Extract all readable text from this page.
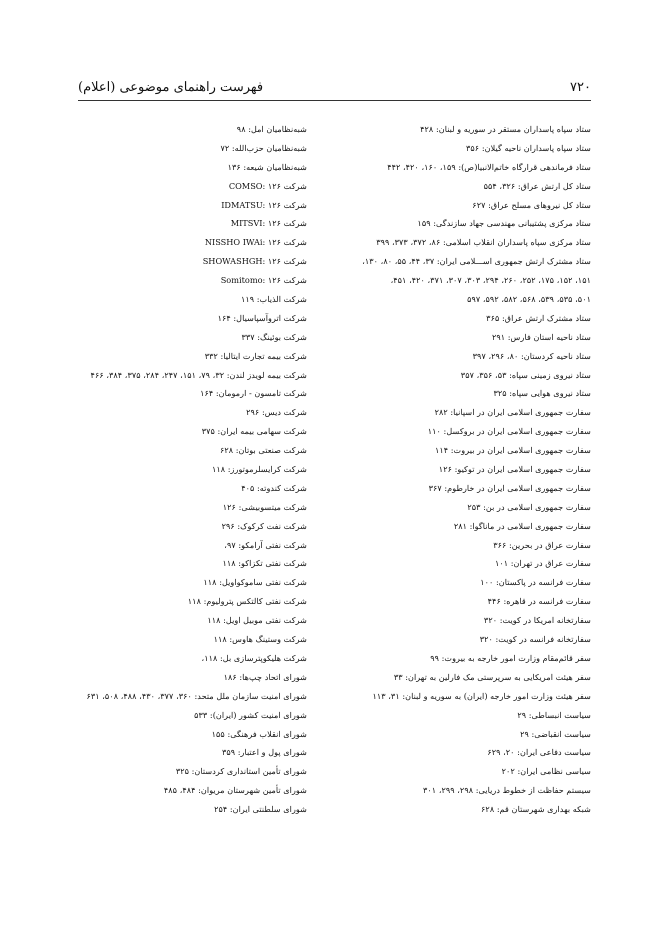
۷۲۰
فهرست راهنمای موضوعی (اعلام)
ستاد سپاه پاسداران مستقر در سوریه و لبنان: ۴۲۸
ستاد سپاه پاسداران ناحیه گیلان: ۳۵۶
ستاد فرماندهی قرارگاه خاتم‌الانبیا(ص): ۱۵۹، ۱۶۰، ۴۲۰، ۴۴۲
ستاد کل ارتش عراق: ۳۲۶، ۵۵۴
ستاد کل نیروهای مسلح عراق: ۶۲۷
ستاد مرکزی پشتیبانی مهندسی جهاد سازندگی: ۱۵۹
ستاد مرکزی سپاه پاسداران انقلاب اسلامی: ۸۶، ۳۷۲، ۳۷۳، ۳۹۹
ستاد مشترک ارتش جمهوری اســـلامی ایران: ۳۷، ۴۴، ۵۵، ۸۰، ۱۳۰،
۱۵۱، ۱۵۲، ۱۷۵، ۲۵۲، ۲۶۰، ۲۹۴، ۳۰۳، ۳۰۷، ۳۷۱، ۴۲۰، ۴۵۱،
۵۰۱، ۵۳۵، ۵۳۹، ۵۶۸، ۵۸۲، ۵۹۲، ۵۹۷
ستاد مشترک ارتش عراق: ۳۶۵
ستاد ناحیه استان فارس: ۲۹۱
ستاد ناحیه کردستان: ۸۰، ۲۹۶، ۳۹۷
ستاد نیروی زمینی سپاه: ۵۳، ۳۵۶، ۳۵۷
ستاد نیروی هوایی سپاه: ۳۲۵
سفارت جمهوری اسلامی ایران در اسپانیا: ۲۸۲
سفارت جمهوری اسلامی ایران در بروکسل: ۱۱۰
سفارت جمهوری اسلامی ایران در بیروت: ۱۱۴
سفارت جمهوری اسلامی ایران در توکیو: ۱۲۶
سفارت جمهوری اسلامی ایران در خارطوم: ۳۶۷
سفارت جمهوری اسلامی در بن: ۲۵۳
سفارت جمهوری اسلامی در ماناگوا: ۲۸۱
سفارت عراق در بحرین: ۳۶۶
سفارت عراق در تهران: ۱۰۱
سفارت فرانسه در پاکستان: ۱۰۰
سفارت فرانسه در قاهره: ۴۴۶
سفارتخانه امریکا در کویت: ۳۲۰
سفارتخانه فرانسه در کویت: ۳۲۰
سفر قائم‌مقام وزارت امور خارجه به بیروت: ۹۹
سفر هیئت امریکایی به سرپرستی مک فارلین به تهران: ۳۳
سفر هیئت وزارت امور خارجه (ایران) به سوریه و لبنان: ۳۱، ۱۱۳
سیاست انبساطی: ۲۹
سیاست انقباضی: ۲۹
سیاست دفاعی ایران: ۲۰، ۶۲۹
سیاسی نظامی ایران: ۲۰۲
سیستم حفاظت از خطوط دریایی: ۲۹۸، ۲۹۹، ۳۰۱
شبکه بهداری شهرستان قم: ۶۲۸
شبه‌نظامیان امل: ۹۸
شبه‌نظامیان حزب‌الله: ۷۲
شبه‌نظامیان شیعه: ۱۳۶
شرکت COMSO: ۱۲۶
شرکت IDMATSU: ۱۲۶
شرکت MITSVI: ۱۲۶
شرکت NISSHO IWAi: ۱۲۶
شرکت SHOWASHGH: ۱۲۶
شرکت Somitomo: ۱۲۶
شرکت الذیاب: ۱۱۹
شرکت اتروآسپاسیال: ۱۶۴
شرکت بوئینگ: ۳۳۷
شرکت بیمه تجارت ایتالیا: ۳۳۲
شرکت بیمه لویدز لندن: ۳۲، ۷۹، ۱۵۱، ۲۴۷، ۲۸۴، ۳۷۵، ۳۸۴، ۴۶۶
شرکت تامسون - ارمومان: ۱۶۴
شرکت دیس: ۲۹۶
شرکت سهامی بیمه ایران: ۳۷۵
شرکت صنعتی بوتان: ۶۲۸
شرکت کرایسلرموتورز: ۱۱۸
شرکت کندوته: ۴۰۵
شرکت میتسوبیشی: ۱۲۶
شرکت نفت کرکوک: ۲۹۶
شرکت نفتی آرامکو: ۹۷،
شرکت نفتی تکزاکو: ۱۱۸
شرکت نفتی ساموکواویل: ۱۱۸
شرکت نفتی کالتکس پترولیوم: ۱۱۸
شرکت نفتی موبیل اویل: ۱۱۸
شرکت وستینگ هاوس: ۱۱۸
شرکت هلیکوپترسازی بل: ۱۱۸،
شورای اتحاد چپ‌ها: ۱۸۶
شورای امنیت سازمان ملل متحد: ۳۶۰، ۳۷۷، ۴۳۰، ۴۸۸، ۵۰۸، ۶۳۱
شورای امنیت کشور (ایران): ۵۳۳
شورای انقلاب فرهنگی: ۱۵۵
شورای پول و اعتبار: ۳۵۹
شورای تأمین استانداری کردستان: ۳۲۵
شورای تأمین شهرستان مریوان: ۴۸۴، ۴۸۵
شورای سلطنتی ایران: ۲۵۴
